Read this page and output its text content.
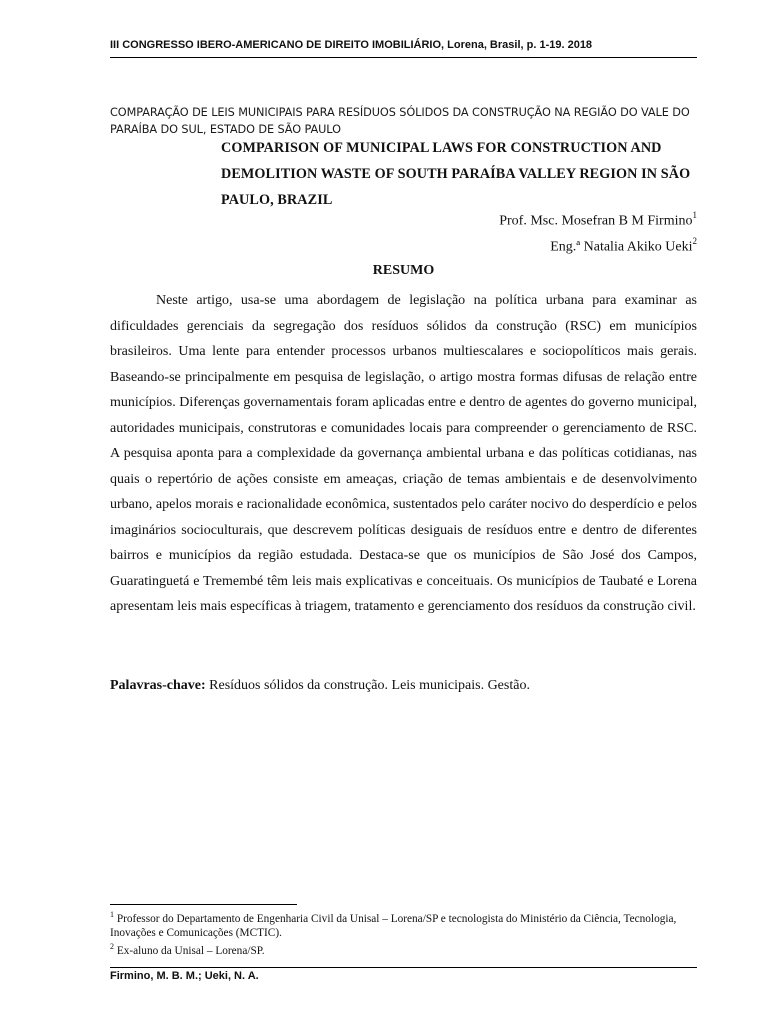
III CONGRESSO IBERO-AMERICANO DE DIREITO IMOBILIÁRIO, Lorena, Brasil, p. 1-19. 2018
COMPARAÇÃO DE LEIS MUNICIPAIS PARA RESÍDUOS SÓLIDOS DA CONSTRUÇÃO NA REGIÃO DO VALE DO PARAÍBA DO SUL, ESTADO DE SÃO PAULO
COMPARISON OF MUNICIPAL LAWS FOR CONSTRUCTION AND DEMOLITION WASTE OF SOUTH PARAÍBA VALLEY REGION IN SÃO PAULO, BRAZIL
Prof. Msc. Mosefran B M Firmino$^1$
Eng.ª Natalia Akiko Ueki$^2$
RESUMO

Neste artigo, usa-se uma abordagem de legislação na política urbana para examinar as dificuldades gerenciais da segregação dos resíduos sólidos da construção (RSC) em municípios brasileiros. Uma lente para entender processos urbanos multiescalares e sociopolíticos mais gerais. Baseando-se principalmente em pesquisa de legislação, o artigo mostra formas difusas de relação entre municípios. Diferenças governamentais foram aplicadas entre e dentro de agentes do governo municipal, autoridades municipais, construtoras e comunidades locais para compreender o gerenciamento de RSC. A pesquisa aponta para a complexidade da governança ambiental urbana e das políticas cotidianas, nas quais o repertório de ações consiste em ameaças, criação de temas ambientais e de desenvolvimento urbano, apelos morais e racionalidade econômica, sustentados pelo caráter nocivo do desperdício e pelos imaginários socioculturais, que descrevem políticas desiguais de resíduos entre e dentro de diferentes bairros e municípios da região estudada. Destaca-se que os municípios de São José dos Campos, Guaratinguetá e Tremembé têm leis mais explicativas e conceituais. Os municípios de Taubaté e Lorena apresentam leis mais específicas à triagem, tratamento e gerenciamento dos resíduos da construção civil.

Palavras-chave: Resíduos sólidos da construção. Leis municipais. Gestão.

$^1$ Professor do Departamento de Engenharia Civil da Unisal – Lorena/SP e tecnologista do Ministério da Ciência, Tecnologia, Inovações e Comunicações (MCTIC).

$^2$ Ex-aluno da Unisal – Lorena/SP.

Firmino, M. B. M.; Ueki, N. A.
